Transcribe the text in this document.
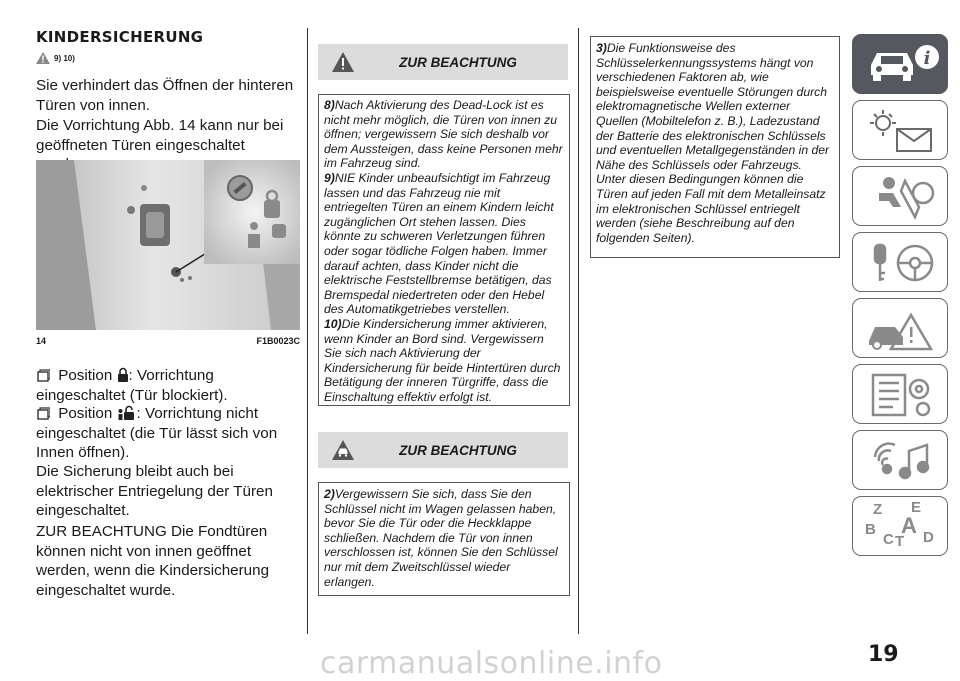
KINDERSICHERUNG
9) 10)
Sie verhindert das Öffnen der hinteren Türen von innen.
Die Vorrichtung Abb. 14 kann nur bei geöffneten Türen eingeschaltet
14	F1B0023C
Position : Vorrichtung eingeschaltet (Tür blockiert).
Position : Vorrichtung nicht eingeschaltet (die Tür lässt sich von Innen öffnen).
Die Sicherung bleibt auch bei elektrischer Entriegelung der Türen eingeschaltet.
ZUR BEACHTUNG Die Fondtüren können nicht von innen geöffnet werden, wenn die Kindersicherung eingeschaltet wurde.
ZUR BEACHTUNG
8)Nach Aktivierung des Dead-Lock ist es nicht mehr möglich, die Türen von innen zu öffnen; vergewissern Sie sich deshalb vor dem Aussteigen, dass keine Personen mehr im Fahrzeug sind.
9)NIE Kinder unbeaufsichtigt im Fahrzeug lassen und das Fahrzeug nie mit entriegelten Türen an einem Kindern leicht zugänglichen Ort stehen lassen. Dies könnte zu schweren Verletzungen führen oder sogar tödliche Folgen haben. Immer darauf achten, dass Kinder nicht die elektrische Feststellbremse betätigen, das Bremspedal niedertreten oder den Hebel des Automatikgetriebes verstellen.
10)Die Kindersicherung immer aktivieren, wenn Kinder an Bord sind. Vergewissern Sie sich nach Aktivierung der Kindersicherung für beide Hintertüren durch Betätigung der inneren Türgriffe, dass die Einschaltung effektiv erfolgt ist.
ZUR BEACHTUNG
2)Vergewissern Sie sich, dass Sie den Schlüssel nicht im Wagen gelassen haben, bevor Sie die Tür oder die Heckklappe schließen. Nachdem die Tür von innen verschlossen ist, können Sie den Schlüssel nur mit dem Zweitschlüssel wieder erlangen.
3)Die Funktionsweise des Schlüsselerkennungssystems hängt von verschiedenen Faktoren ab, wie beispielsweise eventuelle Störungen durch elektromagnetische Wellen externer Quellen (Mobiltelefon z. B.), Ladezustand der Batterie des elektronischen Schlüssels und eventuellen Metallgegenständen in der Nähe des Schlüssels oder Fahrzeugs. Unter diesen Bedingungen können die Türen auf jeden Fall mit dem Metalleinsatz im elektronischen Schlüssel entriegelt werden (siehe Beschreibung auf den folgenden Seiten).
i
Z E
B A
C T D
19
carmanualsonline.info
